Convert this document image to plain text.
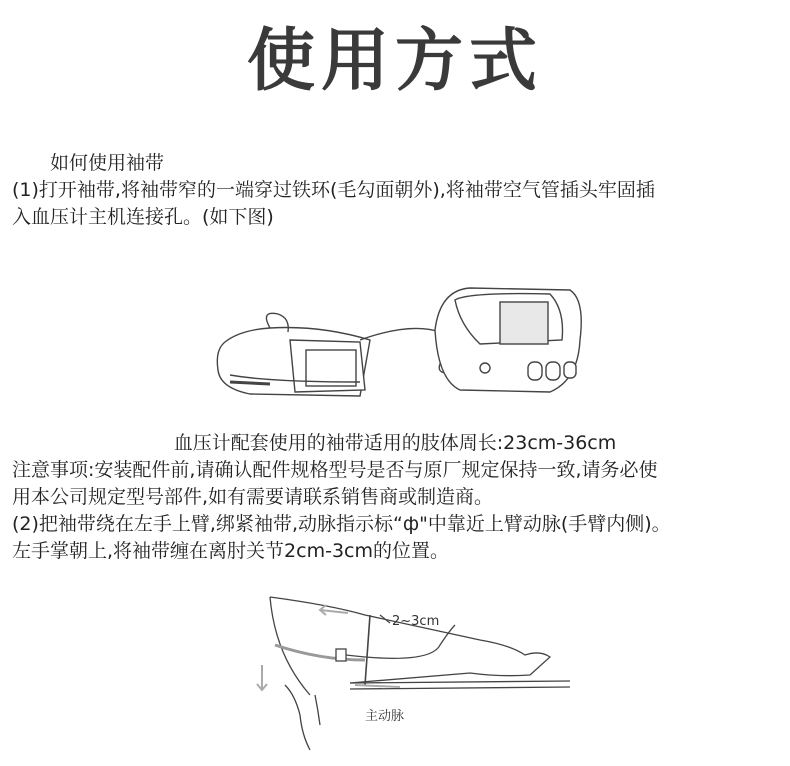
使用方式
如何使用袖带
(1)打开袖带,将袖带窄的一端穿过铁环(毛勾面朝外),将袖带空气管插头牢固插
入血压计主机连接孔。(如下图)
血压计配套使用的袖带适用的肢体周长:23cm-36cm
注意事项:安装配件前,请确认配件规格型号是否与原厂规定保持一致,请务必使
用本公司规定型号部件,如有需要请联系销售商或制造商。
(2)把袖带绕在左手上臂,绑紧袖带,动脉指示标“ф"中靠近上臂动脉(手臂内侧)。
左手掌朝上,将袖带缠在离肘关节2cm-3cm的位置。
2~3cm
主动脉
